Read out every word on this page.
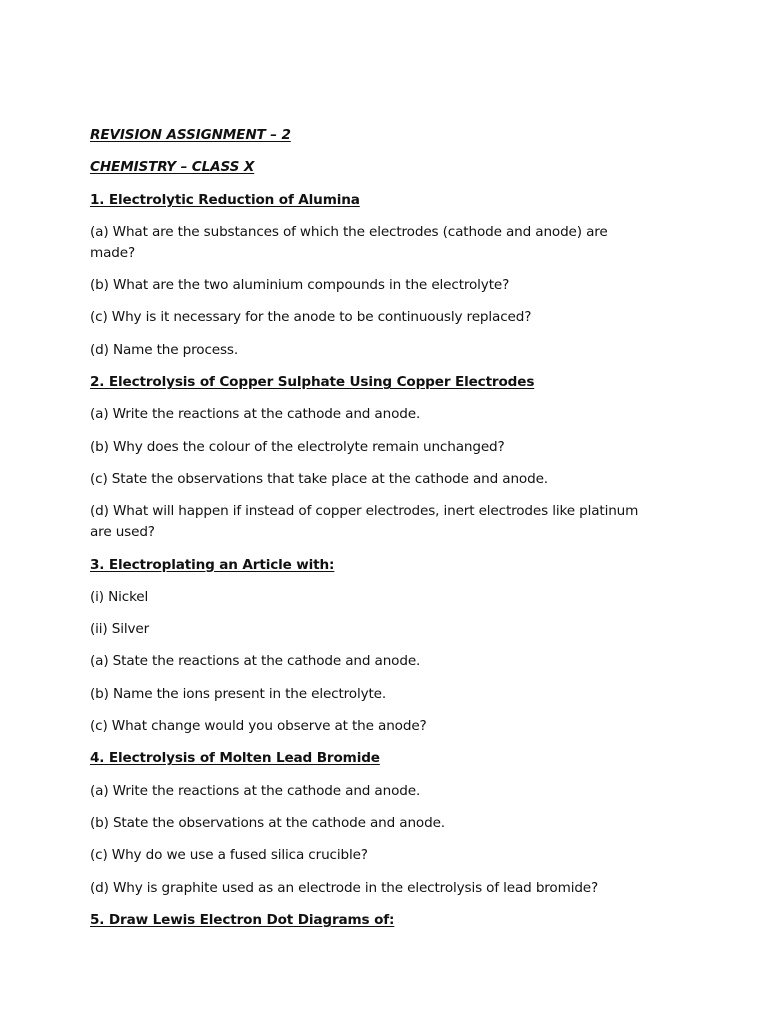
REVISION ASSIGNMENT – 2

CHEMISTRY – CLASS X

1. Electrolytic Reduction of Alumina

(a) What are the substances of which the electrodes (cathode and anode) are made?

(b) What are the two aluminium compounds in the electrolyte?

(c) Why is it necessary for the anode to be continuously replaced?

(d) Name the process.

2. Electrolysis of Copper Sulphate Using Copper Electrodes

(a) Write the reactions at the cathode and anode.

(b) Why does the colour of the electrolyte remain unchanged?

(c) State the observations that take place at the cathode and anode.

(d) What will happen if instead of copper electrodes, inert electrodes like platinum are used?

3. Electroplating an Article with:

(i) Nickel

(ii) Silver

(a) State the reactions at the cathode and anode.

(b) Name the ions present in the electrolyte.

(c) What change would you observe at the anode?

4. Electrolysis of Molten Lead Bromide

(a) Write the reactions at the cathode and anode.

(b) State the observations at the cathode and anode.

(c) Why do we use a fused silica crucible?

(d) Why is graphite used as an electrode in the electrolysis of lead bromide?

5. Draw Lewis Electron Dot Diagrams of:
